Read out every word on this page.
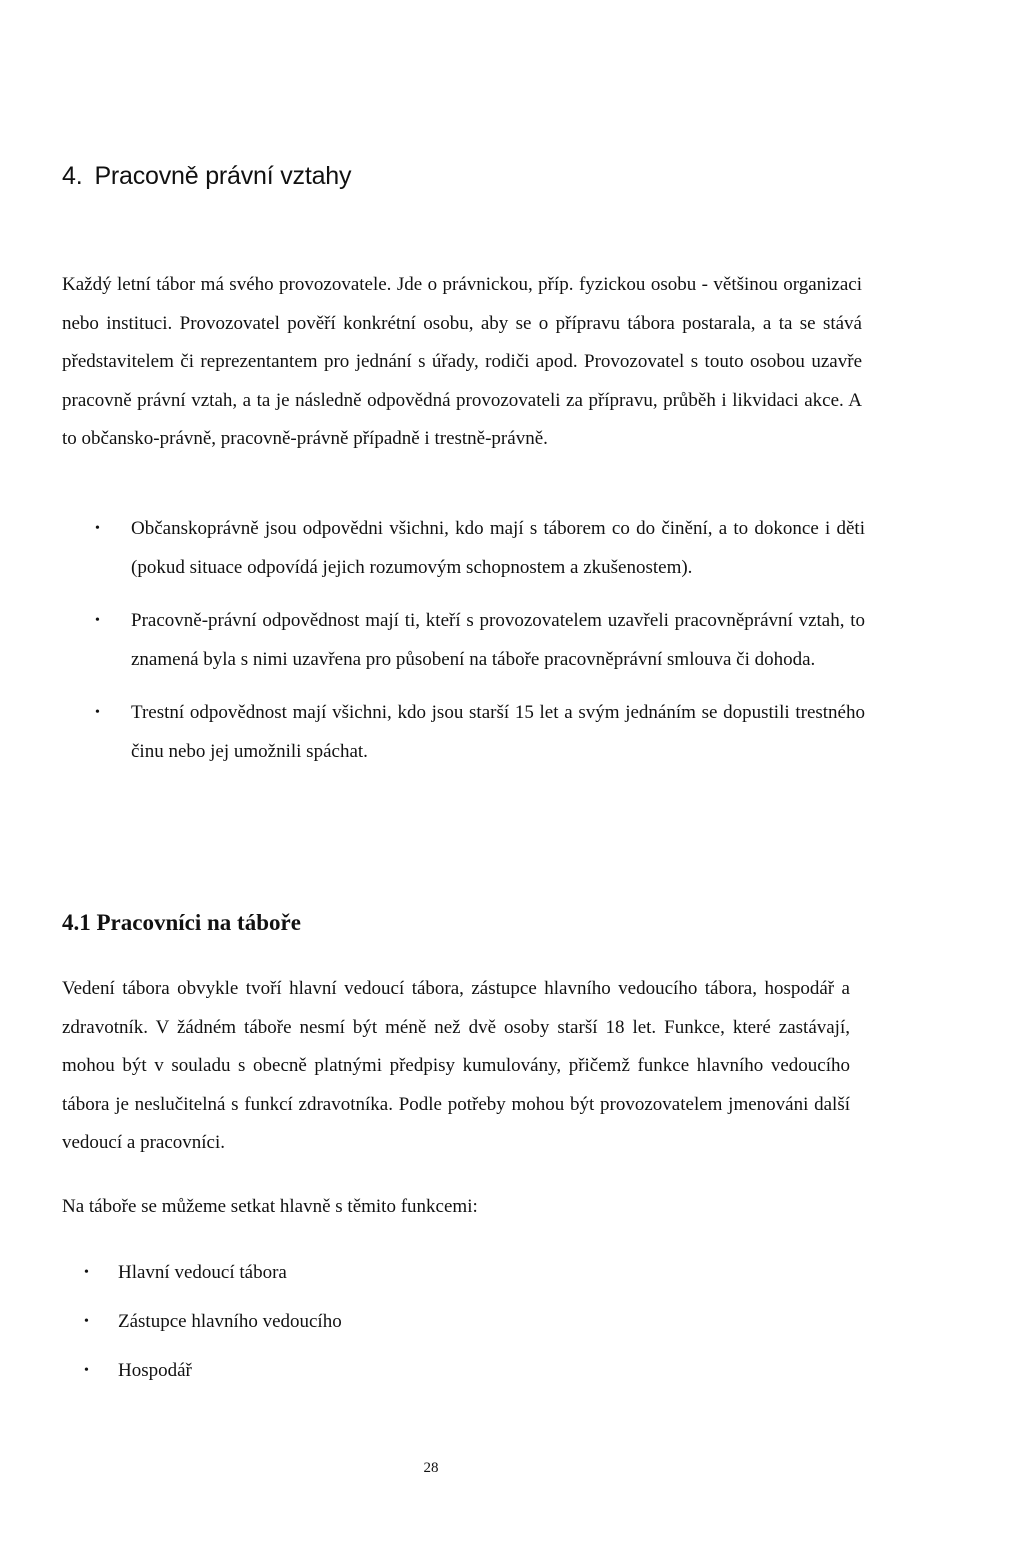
4. Pracovně právní vztahy

Každý letní tábor má svého provozovatele. Jde o právnickou, příp. fyzickou osobu - většinou organizaci nebo instituci. Provozovatel pověří konkrétní osobu, aby se o přípravu tábora postarala, a ta se stává představitelem či reprezentantem pro jednání s úřady, rodiči apod. Provozovatel s touto osobou uzavře pracovně právní vztah, a ta je následně odpovědná provozovateli za přípravu, průběh i likvidaci akce. A to občansko-právně, pracovně-právně případně i trestně-právně.

• Občanskoprávně jsou odpovědni všichni, kdo mají s táborem co do činění, a to dokonce i děti (pokud situace odpovídá jejich rozumovým schopnostem a zkušenostem).
• Pracovně-právní odpovědnost mají ti, kteří s provozovatelem uzavřeli pracovněprávní vztah, to znamená byla s nimi uzavřena pro působení na táboře pracovněprávní smlouva či dohoda.
• Trestní odpovědnost mají všichni, kdo jsou starší 15 let a svým jednáním se dopustili trestného činu nebo jej umožnili spáchat.
4.1 Pracovníci na táboře

Vedení tábora obvykle tvoří hlavní vedoucí tábora, zástupce hlavního vedoucího tábora, hospodář a zdravotník. V žádném táboře nesmí být méně než dvě osoby starší 18 let. Funkce, které zastávají, mohou být v souladu s obecně platnými předpisy kumulovány, přičemž funkce hlavního vedoucího tábora je neslučitelná s funkcí zdravotníka. Podle potřeby mohou být provozovatelem jmenováni další vedoucí a pracovníci.

Na táboře se můžeme setkat hlavně s těmito funkcemi:

• Hlavní vedoucí tábora
• Zástupce hlavního vedoucího
• Hospodář
28
